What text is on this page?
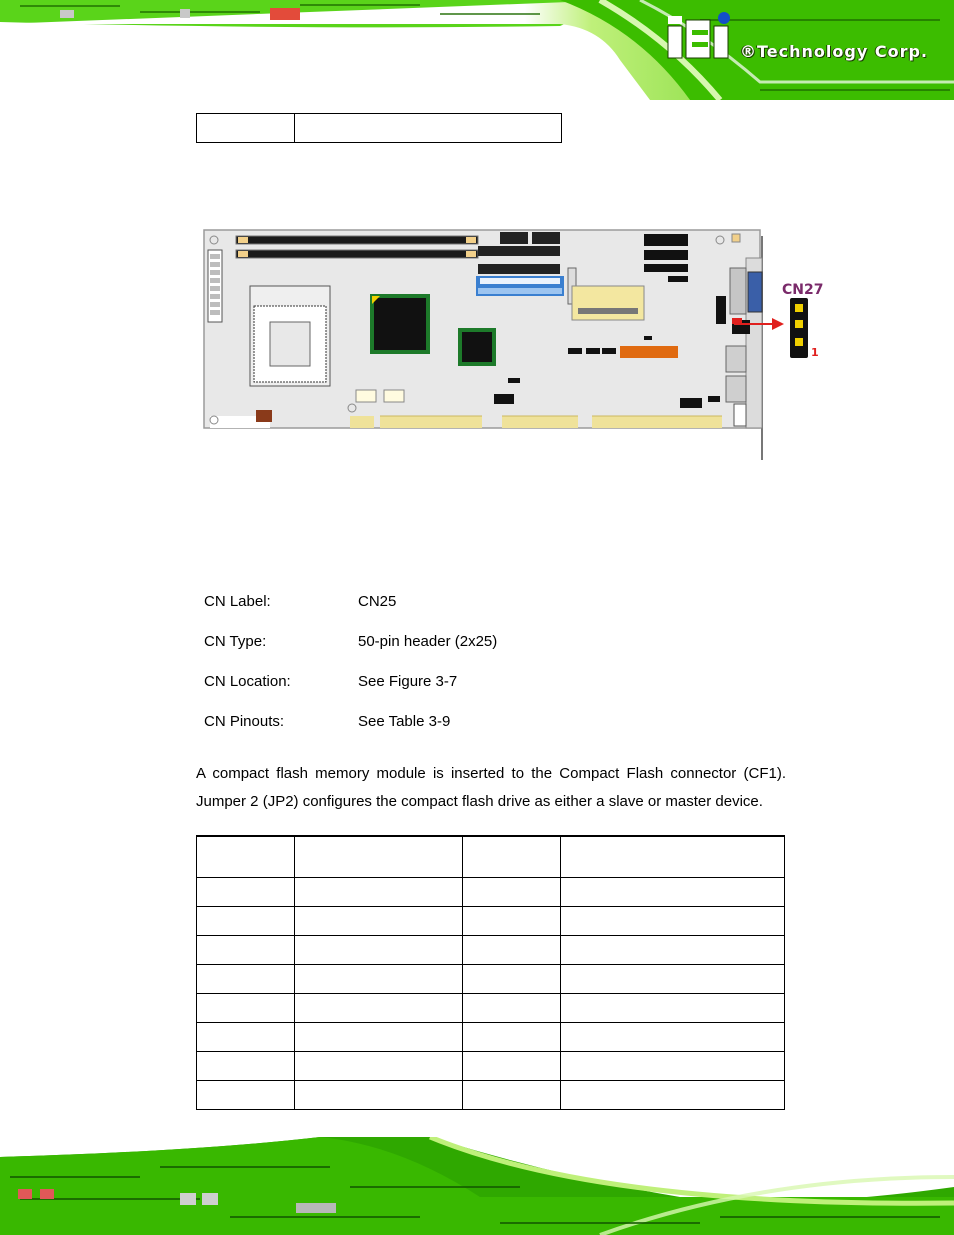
®Technology Corp.

CN27
1
CN Label:	CN25
CN Type:	50-pin header (2x25)
CN Location:	See Figure 3-7
CN Pinouts:	See Table 3-9
A compact flash memory module is inserted to the Compact Flash connector (CF1).
Jumper 2 (JP2) configures the compact flash drive as either a slave or master device.
